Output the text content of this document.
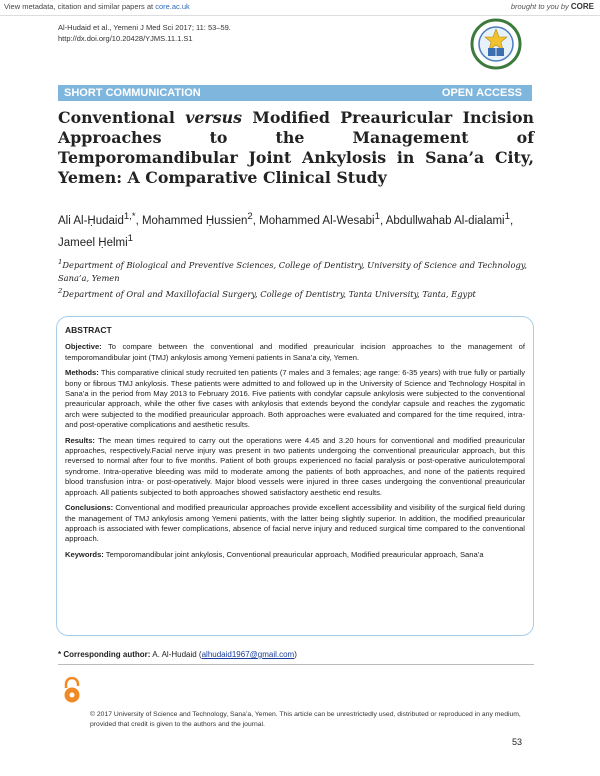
View metadata, citation and similar papers at core.ac.uk	brought to you by CORE
Al-Hudaid et al., Yemeni J Med Sci 2017; 11: 53–59.
http://dx.doi.org/10.20428/YJMS.11.1.S1
SHORT COMMUNICATION	OPEN ACCESS
Conventional versus Modified Preauricular Incision Approaches to the Management of Temporomandibular Joint Ankylosis in Sana’a City, Yemen: A Comparative Clinical Study
Ali Al-Ḥudaid$^{1,*}$, Mohammed Ḥussien$^2$, Mohammed Al-Wesabi$^1$, Abdullwahab Al-dialami$^1$, Jameel Ḥelmi$^1$
$^1$Department of Biological and Preventive Sciences, College of Dentistry, University of Science and Technology, Sana’a, Yemen
$^2$Department of Oral and Maxillofacial Surgery, College of Dentistry, Tanta University, Tanta, Egypt
ABSTRACT

Objective: To compare between the conventional and modified preauricular incision approaches to the management of temporomandibular joint (TMJ) ankylosis among Yemeni patients in Sana’a city, Yemen.

Methods: This comparative clinical study recruited ten patients (7 males and 3 females; age range: 6-35 years) with true fully or partially bony or fibrous TMJ ankylosis. These patients were admitted to and followed up in the University of Science and Technology Hospital in Sana’a in the period from May 2013 to February 2016. Five patients with condylar capsule ankylosis were subjected to the conventional preauricular approach, while the other five cases with ankylosis that extends beyond the condylar capsule and reaches the zygomatic arch were subjected to the modified preauricular approach. Both approaches were evaluated and compared for the time required, intra- and post-operative complications and aesthetic results.

Results: The mean times required to carry out the operations were 4.45 and 3.20 hours for conventional and modified preauricular approaches, respectively.Facial nerve injury was present in two patients undergoing the conventional preauricular approach, but this reversed to normal after four to five months. Patient of both groups experienced no facial paralysis or post-operative auriculotemporal syndrome. Intra-operative bleeding was mild to moderate among the patients of both approaches, and none of the patients required blood transfusion intra- or post-operatively. Major blood vessels were injured in three cases undergoing the conventional preauricular approach. All patients subjected to both approaches showed satisfactory aesthetic end results.

Conclusions: Conventional and modified preauricular approaches provide excellent accessibility and visibility of the surgical field during the management of TMJ ankylosis among Yemeni patients, with the latter being slightly superior. In addition, the modified preauricular approach is associated with fewer complications, absence of facial nerve injury and reduced surgical time compared to the conventional approach.

Keywords: Temporomandibular joint ankylosis, Conventional preauricular approach, Modified preauricular approach, Sana’a

* Corresponding author: A. Al-Hudaid (alhudaid1967@gmail.com)
© 2017 University of Science and Technology, Sana’a, Yemen. This article can be unrestrictedly used, distributed or reproduced in any medium, provided that credit is given to the authors and the journal.
53
